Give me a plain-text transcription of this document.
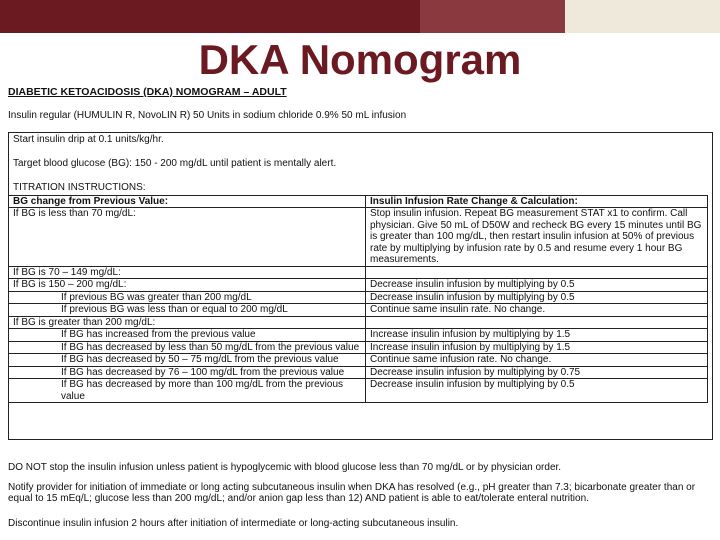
DKA Nomogram
DIABETIC KETOACIDOSIS (DKA) NOMOGRAM – ADULT
Insulin regular (HUMULIN R, NovoLIN R) 50 Units in sodium chloride 0.9% 50 mL infusion
Start insulin drip at 0.1 units/kg/hr.
Target blood glucose (BG): 150 - 200 mg/dL until patient is mentally alert.
TITRATION INSTRUCTIONS:
BG change from Previous Value:	Insulin Infusion Rate Change & Calculation:
If BG is less than 70 mg/dL:	Stop insulin infusion. Repeat BG measurement STAT x1 to confirm. Call physician. Give 50 mL of D50W and recheck BG every 15 minutes until BG is greater than 100 mg/dL, then restart insulin infusion at 50% of previous rate by multiplying by infusion rate by 0.5 and resume every 1 hour BG measurements.
If BG is 70 – 149 mg/dL:	
If BG is 150 – 200 mg/dL:	Decrease insulin infusion by multiplying by 0.5
If previous BG was greater than 200 mg/dL	Decrease insulin infusion by multiplying by 0.5
If previous BG was less than or equal to 200 mg/dL	Continue same insulin rate. No change.
If BG is greater than 200 mg/dL:	
If BG has increased from the previous value	Increase insulin infusion by multiplying by 1.5
If BG has decreased by less than 50 mg/dL from the previous value	Increase insulin infusion by multiplying by 1.5
If BG has decreased by 50 – 75 mg/dL from the previous value	Continue same infusion rate. No change.
If BG has decreased by 76 – 100 mg/dL from the previous value	Decrease insulin infusion by multiplying by 0.75
If BG has decreased by more than 100 mg/dL from the previous value	Decrease insulin infusion by multiplying by 0.5
DO NOT stop the insulin infusion unless patient is hypoglycemic with blood glucose less than 70 mg/dL or by physician order.
Notify provider for initiation of immediate or long acting subcutaneous insulin when DKA has resolved (e.g., pH greater than 7.3; bicarbonate greater than or equal to 15 mEq/L; glucose less than 200 mg/dL; and/or anion gap less than 12) AND patient is able to eat/tolerate enteral nutrition.
Discontinue insulin infusion 2 hours after initiation of intermediate or long-acting subcutaneous insulin.
